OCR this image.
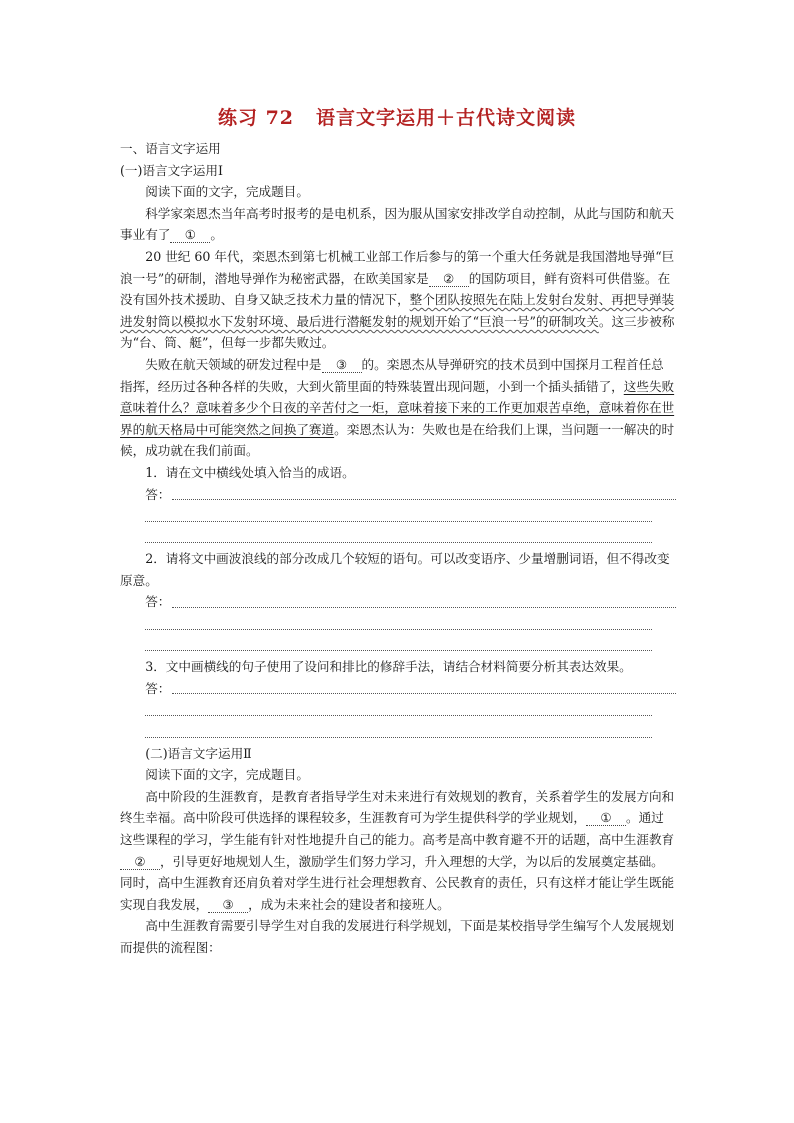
练习 72 语言文字运用＋古代诗文阅读

一、语言文字运用

(一)语言文字运用Ⅰ

阅读下面的文字，完成题目。

科学家栾恩杰当年高考时报考的是电机系，因为服从国家安排改学自动控制，从此与国防和航天事业有了 ① 。

20 世纪 60 年代，栾恩杰到第七机械工业部工作后参与的第一个重大任务就是我国潜地导弹“巨浪一号”的研制，潜地导弹作为秘密武器，在欧美国家是 ② 的国防项目，鲜有资料可供借鉴。在没有国外技术援助、自身又缺乏技术力量的情况下，整个团队按照先在陆上发射台发射、再把导弹装进发射筒以模拟水下发射环境、最后进行潜艇发射的规划开始了“巨浪一号”的研制攻关。这三步被称为“台、筒、艇”，但每一步都失败过。

失败在航天领域的研发过程中是 ③ 的。栾恩杰从导弹研究的技术员到中国探月工程首任总指挥，经历过各种各样的失败，大到火箭里面的特殊装置出现问题，小到一个插头插错了，这些失败意味着什么？意味着多少个日夜的辛苦付之一炬，意味着接下来的工作更加艰苦卓绝，意味着你在世界的航天格局中可能突然之间换了赛道。栾恩杰认为：失败也是在给我们上课，当问题一一解决的时候，成功就在我们前面。

1．请在文中横线处填入恰当的成语。

答：

2．请将文中画波浪线的部分改成几个较短的语句。可以改变语序、少量增删词语，但不得改变原意。

答：

3．文中画横线的句子使用了设问和排比的修辞手法，请结合材料简要分析其表达效果。

答：

(二)语言文字运用Ⅱ

阅读下面的文字，完成题目。

高中阶段的生涯教育，是教育者指导学生对未来进行有效规划的教育，关系着学生的发展方向和终生幸福。高中阶段可供选择的课程较多，生涯教育可为学生提供科学的学业规划， ① 。通过这些课程的学习，学生能有针对性地提升自己的能力。高考是高中教育避不开的话题，高中生涯教育② ，引导更好地规划人生，激励学生们努力学习，升入理想的大学，为以后的发展奠定基础。同时，高中生涯教育还肩负着对学生进行社会理想教育、公民教育的责任，只有这样才能让学生既能实现自我发展， ③ ，成为未来社会的建设者和接班人。

高中生涯教育需要引导学生对自我的发展进行科学规划，下面是某校指导学生编写个人发展规划而提供的流程图：
